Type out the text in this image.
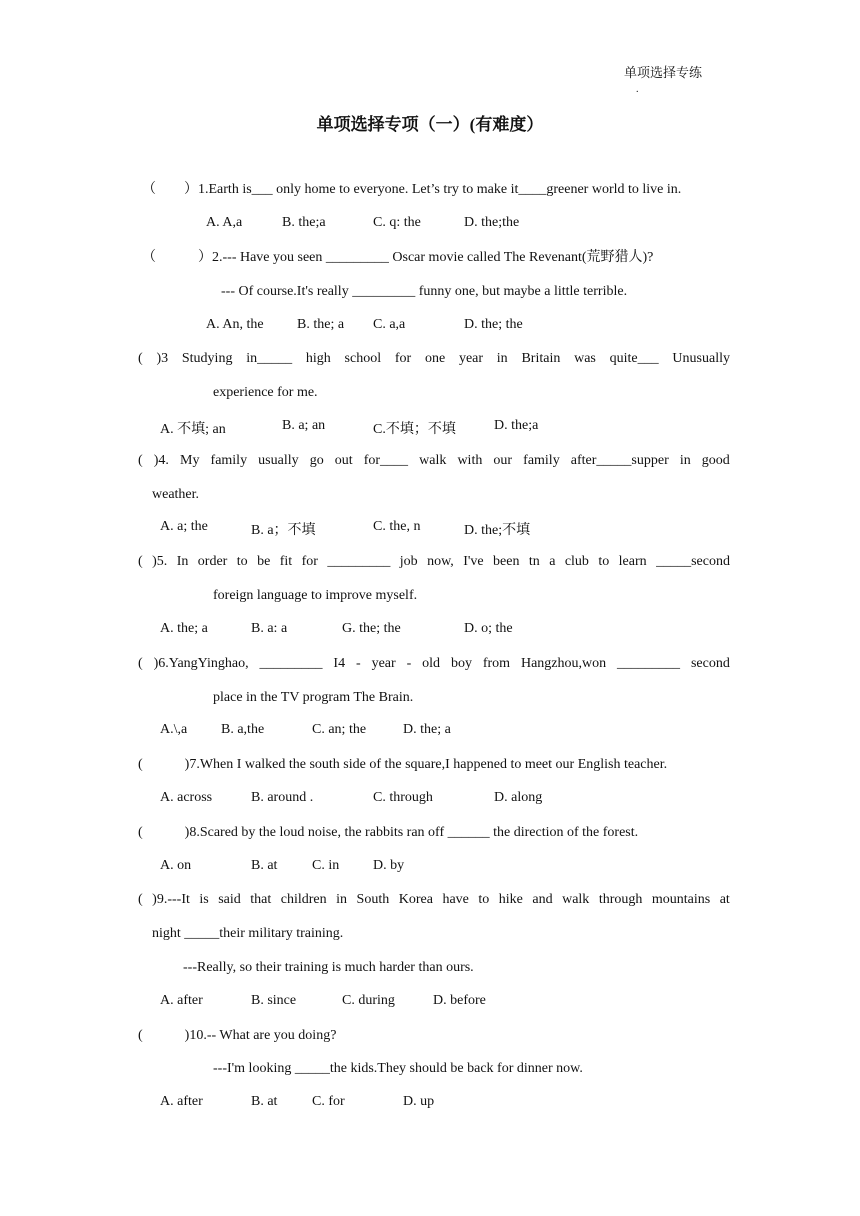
单项选择专练
.
单项选择专项（一）(有难度）
（　　）1.Earth is___ only home to everyone. Let’s try to make it____greener world to live in.
A. A,a	B. the;a	C. q: the	D. the;the
（　　　）2.--- Have you seen _________ Oscar movie called The Revenant(荒野猎人)?
--- Of course.It's really _________ funny one, but maybe a little terrible.
A. An, the B. the; a C. a,a	D. the; the
( )3 Studying in_____ high school for one year in Britain was quite___ Unusually
experience for me.
A. 不填; an	B. a; an	C.不填；不填	D. the;a
( )4. My family usually go out for____ walk with our family after_____supper in good
weather.
A. a; the	B. a；不填	C. the, n	D. the;不填
( )5. In order to be fit for _________ job now, I've been tn a club to learn _____second
foreign language to improve myself.
A. the; a	B. a: a	G. the; the	D. o; the
( )6.YangYinghao, _________ I4 - year - old boy from Hangzhou,won _________ second
place in the TV program The Brain.
A.\,a B. a,the	C. an; the	D. the; a
(　　　)7.When I walked the south side of the square,I happened to meet our English teacher.
A. across	B. around .	C. through	D. along
(　　　)8.Scared by the loud noise, the rabbits ran off ______ the direction of the forest.
A. on	B. at C. in D. by
( )9.---It is said that children in South Korea have to hike and walk through mountains at
night _____their military training.
---Really, so their training is much harder than ours.
A. after	B. since	C. during	D. before
(　　　)10.-- What are you doing?
---I'm looking _____the kids.They should be back for dinner now.
A. after	B. at C. for	D. up
